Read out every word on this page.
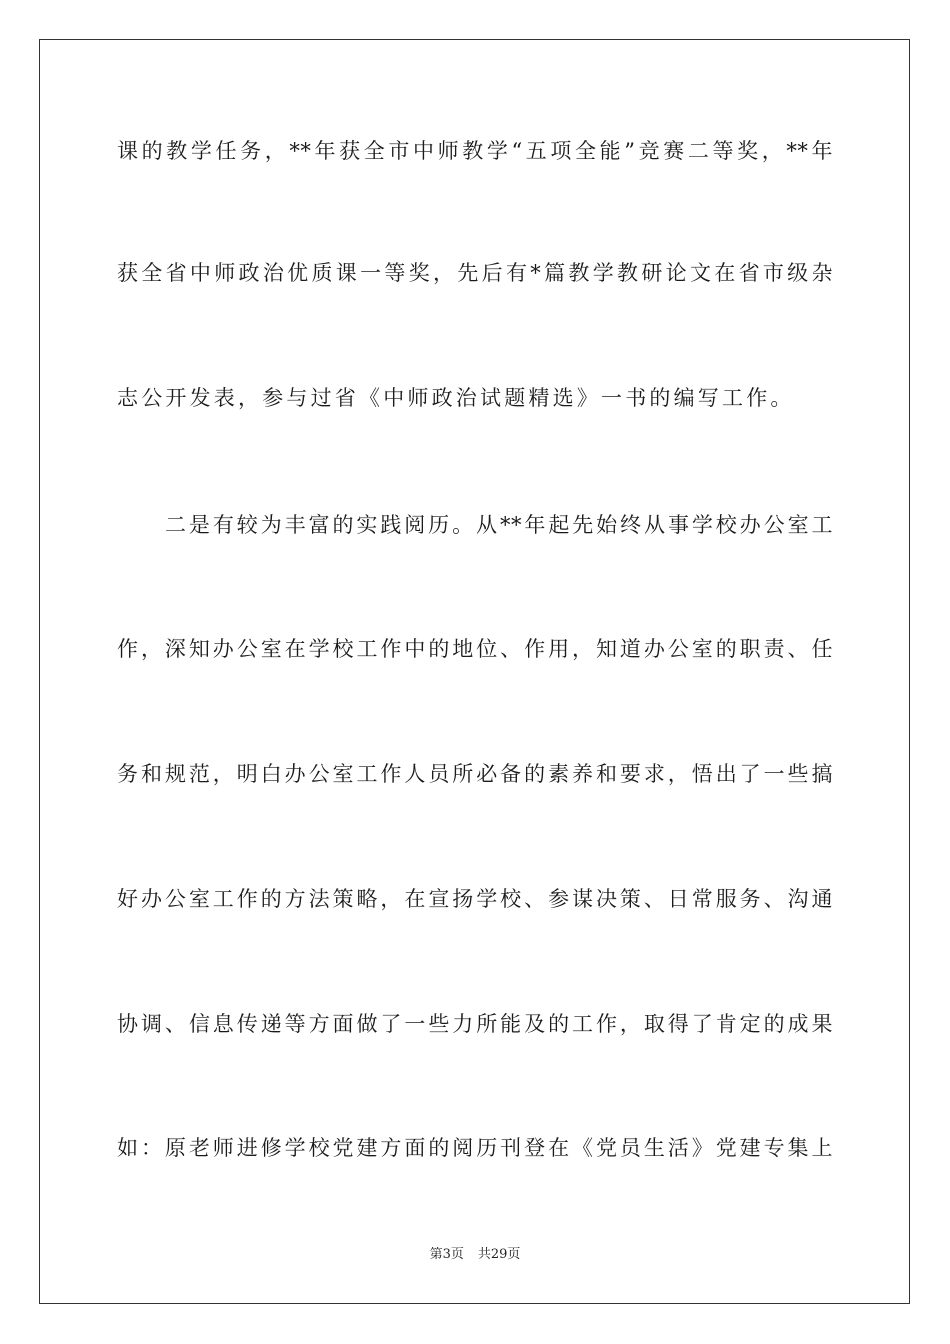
课的教学任务，**年获全市中师教学“五项全能”竞赛二等奖，**年
获全省中师政治优质课一等奖，先后有*篇教学教研论文在省市级杂
志公开发表，参与过省《中师政治试题精选》一书的编写工作。
二是有较为丰富的实践阅历。从**年起先始终从事学校办公室工
作，深知办公室在学校工作中的地位、作用，知道办公室的职责、任
务和规范，明白办公室工作人员所必备的素养和要求，悟出了一些搞
好办公室工作的方法策略，在宣扬学校、参谋决策、日常服务、沟通
协调、信息传递等方面做了一些力所能及的工作，取得了肯定的成果
如：原老师进修学校党建方面的阅历刊登在《党员生活》党建专集上
第3页 共29页
